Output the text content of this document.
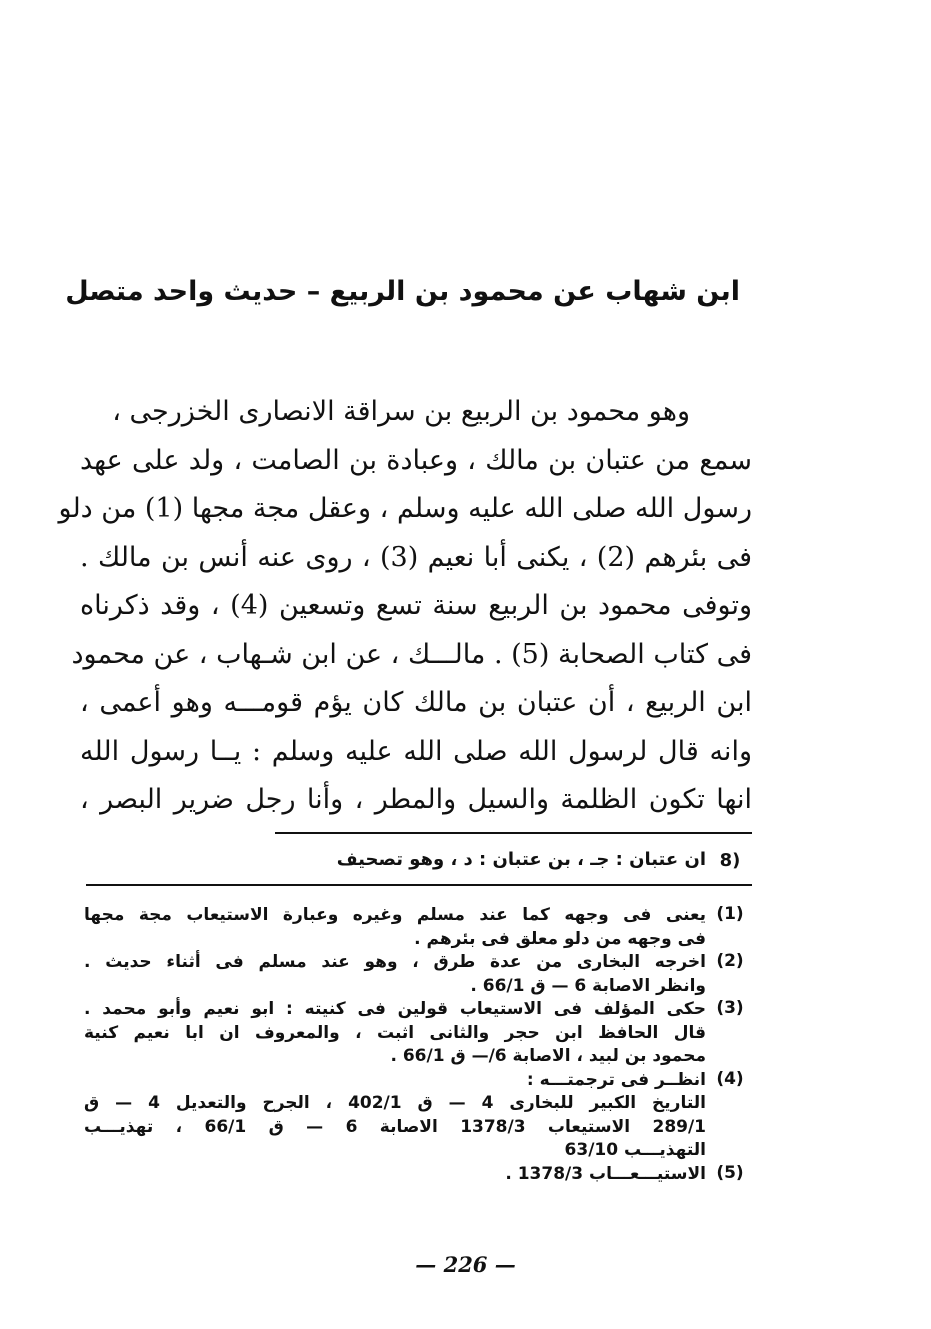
ابن شهاب عن محمود بن الربيع – حديث واحد متصل
وهو محمود بن الربيع بن سراقة الانصارى الخزرجى ،
سمع من عتبان بن مالك ، وعبادة بن الصامت ، ولد على عهد
رسول الله صلى الله عليه وسلم ، وعقل مجة مجها (1) من دلو
فى بئرهم (2) ، يكنى أبا نعيم (3) ، روى عنه أنس بن مالك .
وتوفى محمود بن الربيع سنة تسع وتسعين (4) ، وقد ذكرناه
فى كتاب الصحابة (5) . مالـــك ، عن ابن شـهاب ، عن محمود
ابن الربيع ، أن عتبان بن مالك كان يؤم قومـــه وهو أعمى ،
وانه قال لرسول الله صلى الله عليه وسلم : يــا رسول الله
انها تكون الظلمة والسيل والمطر ، وأنا رجل ضرير البصر ،
8)
ان عتبان : جـ ، بن عتبان : د ، وهو تصحيف
(1)
يعنى فى وجهه كما عند مسلم وغيره وعبارة الاستيعاب مجة مجها
فى وجهه من دلو معلق فى بئرهم .
(2)
اخرجه البخارى من عدة طرق ، وهو عند مسلم فى أثناء حديث .
وانظر الاصابة 6 — ق 66/1 .
(3)
حكى المؤلف فى الاستيعاب قولين فى كنيته : ابو نعيم وأبو محمد .
قال الحافظ ابن حجر والثانى اثبت ، والمعروف ان ابا نعيم كنية
محمود بن لبيد ، الاصابة 6/— ق 66/1 .
(4)
انظــر فى ترجمتـــه :
التاريخ الكبير للبخارى 4 — ق 402/1 ، الجرح والتعديل 4 — ق
289/1 الاستيعاب 1378/3 الاصابة 6 — ق 66/1 ، تهذيـــب
التهذيـــب 63/10
(5)
الاستيـــعـــاب 1378/3 .
— 226 —
